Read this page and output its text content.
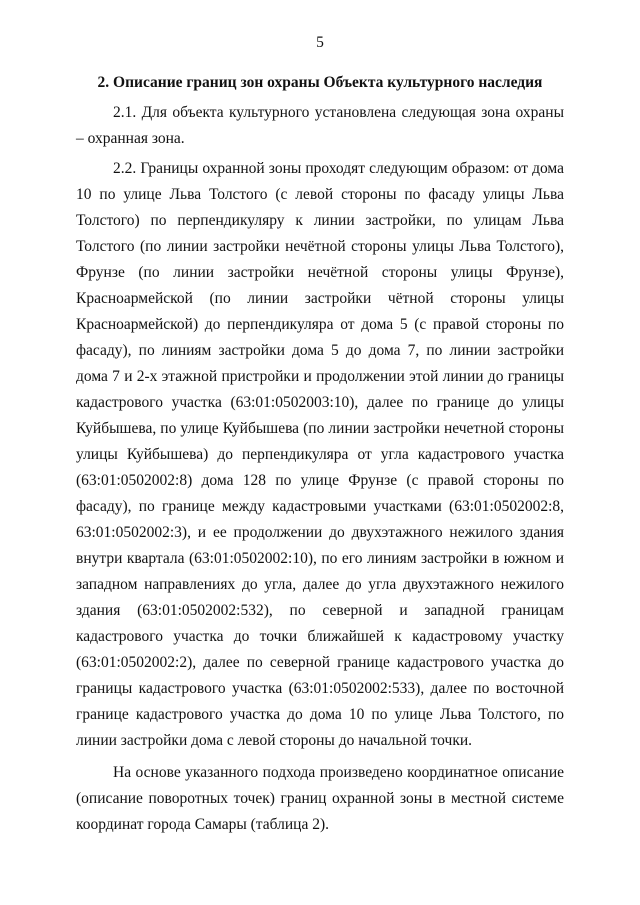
5
2. Описание границ зон охраны Объекта культурного наследия

2.1. Для объекта культурного установлена следующая зона охраны – охранная зона.

2.2. Границы охранной зоны проходят следующим образом: от дома 10 по улице Льва Толстого (с левой стороны по фасаду улицы Льва Толстого) по перпендикуляру к линии застройки, по улицам Льва Толстого (по линии застройки нечётной стороны улицы Льва Толстого), Фрунзе (по линии застройки нечётной стороны улицы Фрунзе), Красноармейской (по линии застройки чётной стороны улицы Красноармейской) до перпендикуляра от дома 5 (с правой стороны по фасаду), по линиям застройки дома 5 до дома 7, по линии застройки дома 7 и 2-х этажной пристройки и продолжении этой линии до границы кадастрового участка (63:01:0502003:10), далее по границе до улицы Куйбышева, по улице Куйбышева (по линии застройки нечетной стороны улицы Куйбышева) до перпендикуляра от угла кадастрового участка (63:01:0502002:8) дома 128 по улице Фрунзе (с правой стороны по фасаду), по границе между кадастровыми участками (63:01:0502002:8, 63:01:0502002:3), и ее продолжении до двухэтажного нежилого здания внутри квартала (63:01:0502002:10), по его линиям застройки в южном и западном направлениях до угла, далее до угла двухэтажного нежилого здания (63:01:0502002:532), по северной и западной границам кадастрового участка до точки ближайшей к кадастровому участку (63:01:0502002:2), далее по северной границе кадастрового участка до границы кадастрового участка (63:01:0502002:533), далее по восточной границе кадастрового участка до дома 10 по улице Льва Толстого, по линии застройки дома с левой стороны до начальной точки.

На основе указанного подхода произведено координатное описание (описание поворотных точек) границ охранной зоны в местной системе координат города Самары (таблица 2).
